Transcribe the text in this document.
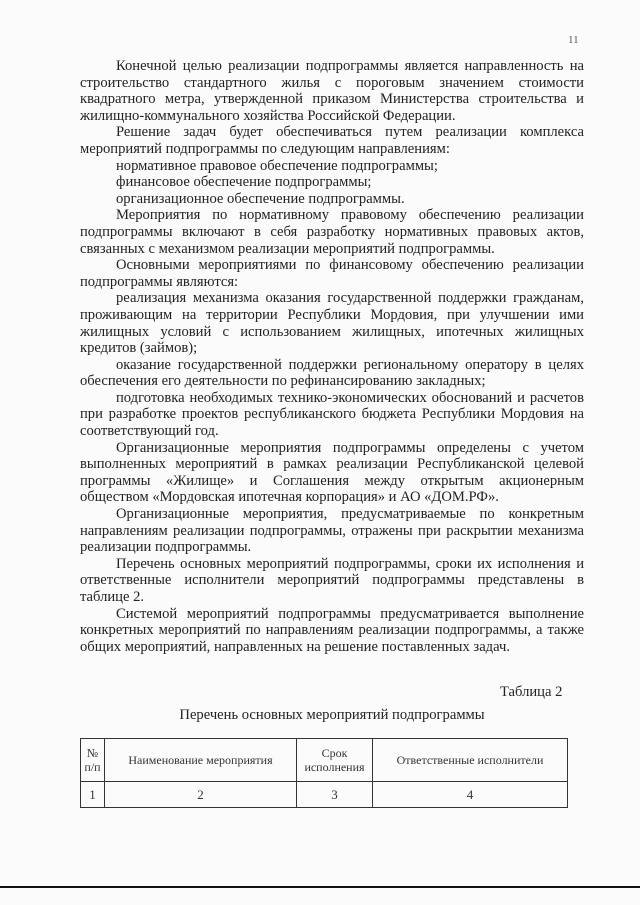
11

Конечной целью реализации подпрограммы является направленность на строительство стандартного жилья с пороговым значением стоимости квадратного метра, утвержденной приказом Министерства строительства и жилищно-коммунального хозяйства Российской Федерации.

Решение задач будет обеспечиваться путем реализации комплекса мероприятий подпрограммы по следующим направлениям:

нормативное правовое обеспечение подпрограммы;

финансовое обеспечение подпрограммы;

организационное обеспечение подпрограммы.

Мероприятия по нормативному правовому обеспечению реализации подпрограммы включают в себя разработку нормативных правовых актов, связанных с механизмом реализации мероприятий подпрограммы.

Основными мероприятиями по финансовому обеспечению реализации подпрограммы являются:

реализация механизма оказания государственной поддержки гражданам, проживающим на территории Республики Мордовия, при улучшении ими жилищных условий с использованием жилищных, ипотечных жилищных кредитов (займов);

оказание государственной поддержки региональному оператору в целях обеспечения его деятельности по рефинансированию закладных;

подготовка необходимых технико-экономических обоснований и расчетов при разработке проектов республиканского бюджета Республики Мордовия на соответствующий год.

Организационные мероприятия подпрограммы определены с учетом выполненных мероприятий в рамках реализации Республиканской целевой программы «Жилище» и Соглашения между открытым акционерным обществом «Мордовская ипотечная корпорация» и АО «ДОМ.РФ».

Организационные мероприятия, предусматриваемые по конкретным направлениям реализации подпрограммы, отражены при раскрытии механизма реализации подпрограммы.

Перечень основных мероприятий подпрограммы, сроки их исполнения и ответственные исполнители мероприятий подпрограммы представлены в таблице 2.

Системой мероприятий подпрограммы предусматривается выполнение конкретных мероприятий по направлениям реализации подпрограммы, а также общих мероприятий, направленных на решение поставленных задач.

Таблица 2
Перечень основных мероприятий подпрограммы
№ п/п	Наименование мероприятия	Срок исполнения	Ответственные исполнители
1	2	3	4
